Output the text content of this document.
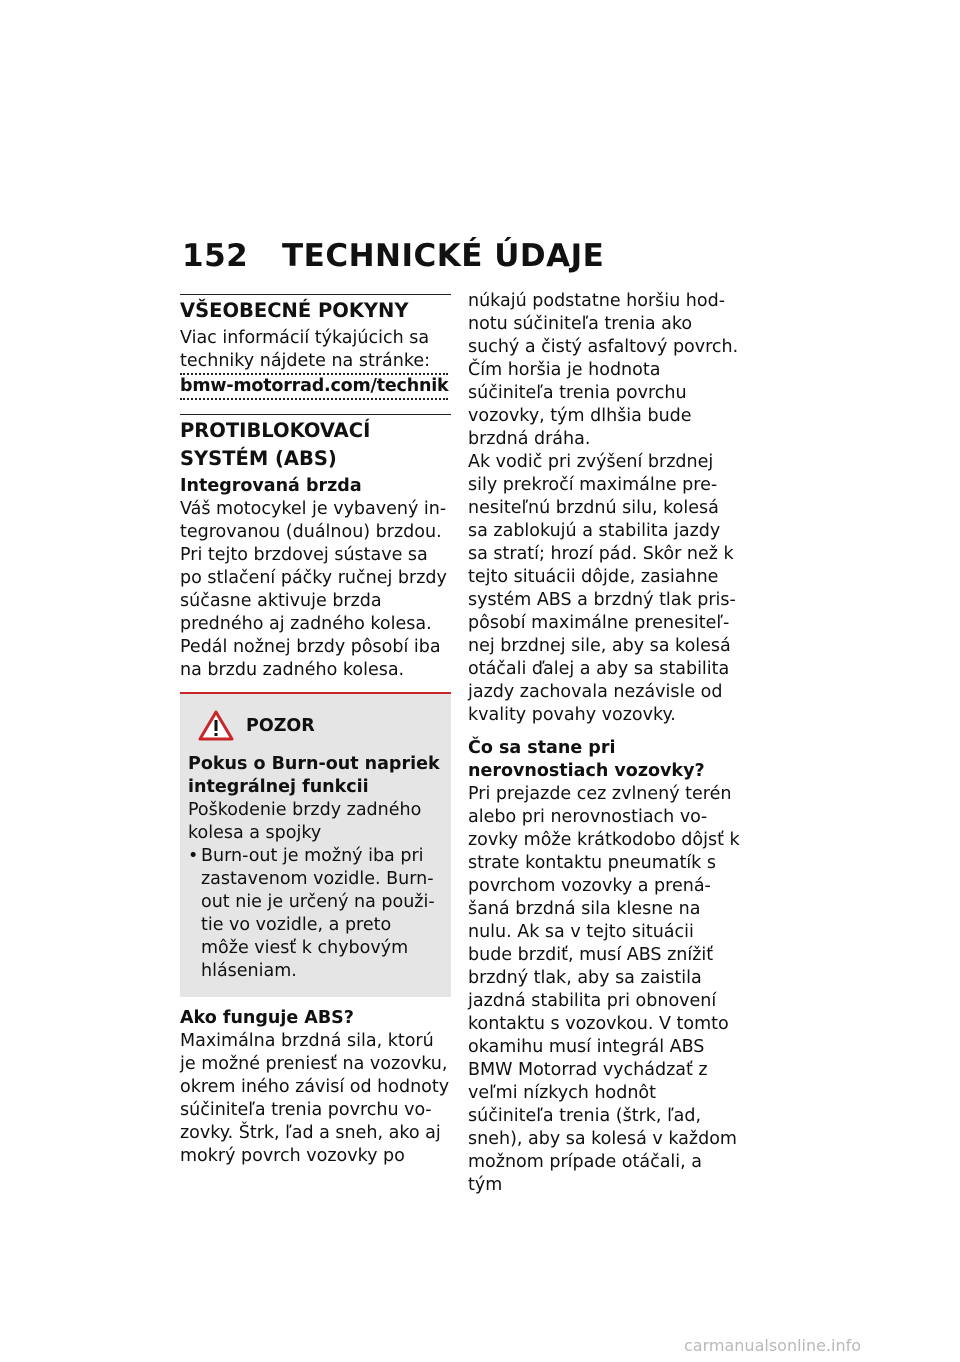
152 TECHNICKÉ ÚDAJE
VŠEOBECNÉ POKYNY

Viac informácií týkajúcich sa techniky nájdete na stránke:

bmw-motorrad.com/technik
PROTIBLOKOVACÍ SYSTÉM (ABS)
Integrovaná brzda

Váš motocykel je vybavený integrovanou (duálnou) brzdou. Pri tejto brzdovej sústave sa po stlačení páčky ručnej brzdy súčasne aktivuje brzda predného aj zadného kolesa. Pedál nožnej brzdy pôsobí iba na brzdu zadného kolesa.

POZOR
Pokus o Burn-out napriek integrálnej funkcii

Poškodenie brzdy zadného kolesa a spojky

• Burn-out je možný iba pri zastavenom vozidle. Burn-out nie je určený na použitie vo vozidle, a preto môže viesť k chybovým hláseniam.
Ako funguje ABS?

Maximálna brzdná sila, ktorú je možné preniesť na vozovku, okrem iného závisí od hodnoty súčiniteľa trenia povrchu vozovky. Štrk, ľad a sneh, ako aj mokrý povrch vozovky po

núkajú podstatne horšiu hodnotu súčiniteľa trenia ako suchý a čistý asfaltový povrch. Čím horšia je hodnota súčiniteľa trenia povrchu vozovky, tým dlhšia bude brzdná dráha.

Ak vodič pri zvýšení brzdnej sily prekročí maximálne prenesiteľnú brzdnú silu, kolesá sa zablokujú a stabilita jazdy sa stratí; hrozí pád. Skôr než k tejto situácii dôjde, zasiahne systém ABS a brzdný tlak prispôsobí maximálne prenesiteľnej brzdnej sile, aby sa kolesá otáčali ďalej a aby sa stabilita jazdy zachovala nezávisle od kvality povahy vozovky.

Čo sa stane pri nerovnostiach vozovky?

Pri prejazde cez zvlnený terén alebo pri nerovnostiach vozovky môže krátkodobo dôjsť k strate kontaktu pneumatík s povrchom vozovky a prenášaná brzdná sila klesne na nulu. Ak sa v tejto situácii bude brzdiť, musí ABS znížiť brzdný tlak, aby sa zaistila jazdná stabilita pri obnovení kontaktu s vozovkou. V tomto okamihu musí integrál ABS BMW Motorrad vychádzať z veľmi nízkych hodnôt súčiniteľa trenia (štrk, ľad, sneh), aby sa kolesá v každom možnom prípade otáčali, a tým

carmanualsonline.info
